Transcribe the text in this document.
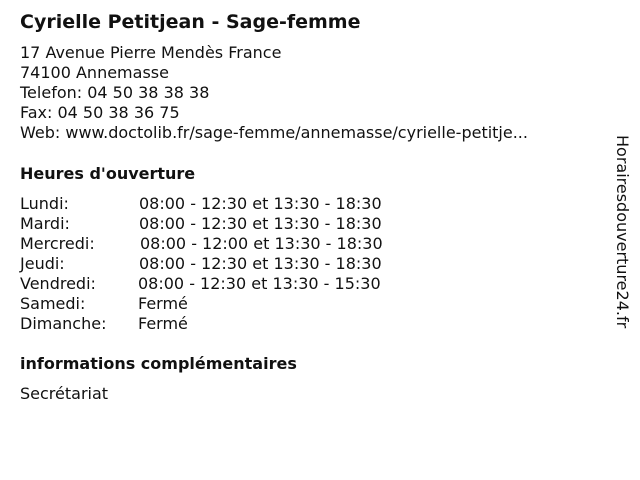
Cyrielle Petitjean - Sage-femme
17 Avenue Pierre Mendès France
74100 Annemasse
Telefon: 04 50 38 38 38
Fax: 04 50 38 36 75
Web: www.doctolib.fr/sage-femme/annemasse/cyrielle-petitje...
Heures d'ouverture
Lundi:	08:00 - 12:30 et 13:30 - 18:30
Mardi:	08:00 - 12:30 et 13:30 - 18:30
Mercredi:	08:00 - 12:00 et 13:30 - 18:30
Jeudi:	08:00 - 12:30 et 13:30 - 18:30
Vendredi:	08:00 - 12:30 et 13:30 - 15:30
Samedi:	Fermé
Dimanche: Fermé
informations complémentaires
Secrétariat
Horairesdouverture24.fr
